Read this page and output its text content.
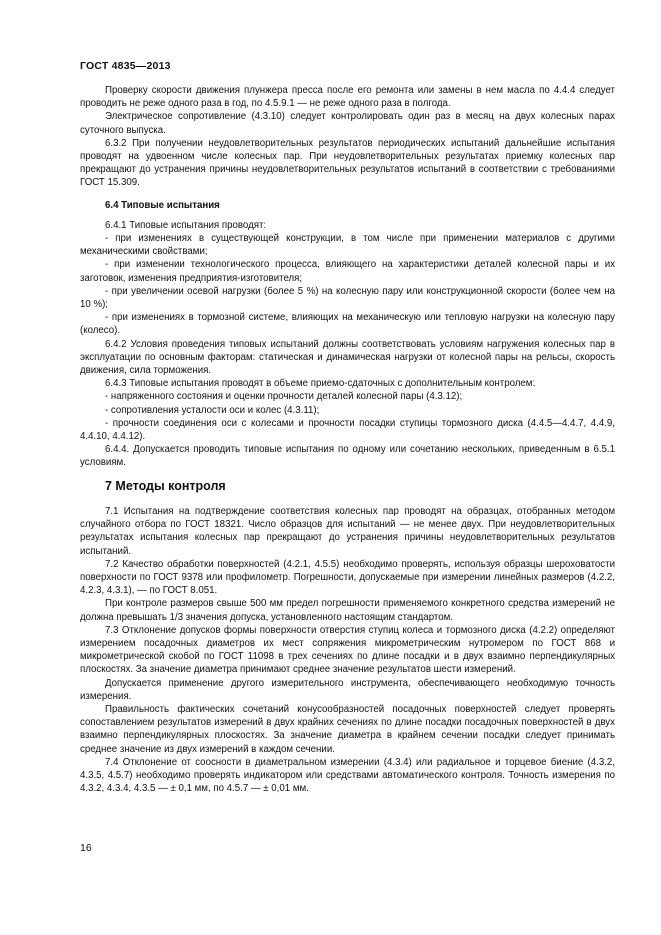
ГОСТ 4835—2013

Проверку скорости движения плунжера пресса после его ремонта или замены в нем масла по 4.4.4 следует проводить не реже одного раза в год, по 4.5.9.1 — не реже одного раза в полгода.

Электрическое сопротивление (4.3.10) следует контролировать один раз в месяц на двух колесных парах суточного выпуска.

6.3.2 При получении неудовлетворительных результатов периодических испытаний дальнейшие испытания проводят на удвоенном числе колесных пар. При неудовлетворительных результатах приемку колесных пар прекращают до устранения причины неудовлетворительных результатов испытаний в соответствии с требованиями ГОСТ 15.309.

6.4 Типовые испытания

6.4.1 Типовые испытания проводят:

- при изменениях в существующей конструкции, в том числе при применении материалов с другими механическими свойствами;

- при изменении технологического процесса, влияющего на характеристики деталей колесной пары и их заготовок, изменения предприятия-изготовителя;

- при увеличении осевой нагрузки (более 5 %) на колесную пару или конструкционной скорости (более чем на 10 %);

- при изменениях в тормозной системе, влияющих на механическую или тепловую нагрузки на колесную пару (колесо).

6.4.2 Условия проведения типовых испытаний должны соответствовать условиям нагружения колесных пар в эксплуатации по основным факторам: статическая и динамическая нагрузки от колесной пары на рельсы, скорость движения, сила торможения.

6.4.3 Типовые испытания проводят в объеме приемо-сдаточных с дополнительным контролем:

- напряженного состояния и оценки прочности деталей колесной пары (4.3.12);

- сопротивления усталости оси и колес (4.3.11);

- прочности соединения оси с колесами и прочности посадки ступицы тормозного диска (4.4.5—4.4.7, 4.4.9, 4.4.10, 4.4.12).

6.4.4. Допускается проводить типовые испытания по одному или сочетанию нескольких, приведенным в 6.5.1 условиям.

7 Методы контроля

7.1 Испытания на подтверждение соответствия колесных пар проводят на образцах, отобранных методом случайного отбора по ГОСТ 18321. Число образцов для испытаний — не менее двух. При неудовлетворительных результатах испытания колесных пар прекращают до устранения причины неудовлетворительных результатов испытаний.

7.2 Качество обработки поверхностей (4.2.1, 4.5.5) необходимо проверять, используя образцы шероховатости поверхности по ГОСТ 9378 или профилометр. Погрешности, допускаемые при измерении линейных размеров (4.2.2, 4.2.3, 4.3.1), — по ГОСТ 8.051.

При контроле размеров свыше 500 мм предел погрешности применяемого конкретного средства измерений не должна превышать 1/3 значения допуска, установленного настоящим стандартом.

7.3 Отклонение допусков формы поверхности отверстия ступиц колеса и тормозного диска (4.2.2) определяют измерением посадочных диаметров их мест сопряжения микрометрическим нутромером по ГОСТ 868 и микрометрической скобой по ГОСТ 11098 в трех сечениях по длине посадки и в двух взаимно перпендикулярных плоскостях. За значение диаметра принимают среднее значение результатов шести измерений.

Допускается применение другого измерительного инструмента, обеспечивающего необходимую точность измерения.

Правильность фактических сочетаний конусообразностей посадочных поверхностей следует проверять сопоставлением результатов измерений в двух крайних сечениях по длине посадки посадочных поверхностей в двух взаимно перпендикулярных плоскостях. За значение диаметра в крайнем сечении посадки следует принимать среднее значение из двух измерений в каждом сечении.

7.4 Отклонение от соосности в диаметральном измерении (4.3.4) или радиальное и торцевое биение (4.3.2, 4.3.5, 4.5.7) необходимо проверять индикатором или средствами автоматического контроля. Точность измерения по 4.3.2, 4.3.4, 4.3.5 — ± 0,1 мм, по 4.5.7 — ± 0,01 мм.

16
